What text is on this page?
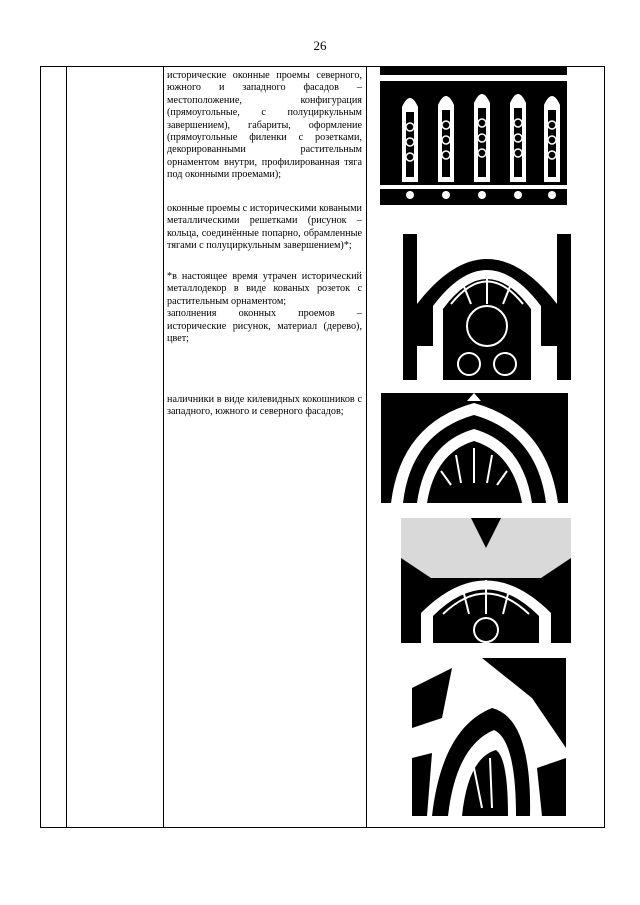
26

исторические оконные проемы северного, южного и западного фасадов – местоположение, конфигурация (прямоугольные, с полуциркульным завершением), габариты, оформление (прямоугольные филенки с розетками, декорированными растительным орнаментом внутри, профилированная тяга под оконными проемами);

оконные проемы с историческими коваными металлическими решетками (рисунок – кольца, соединённые попарно, обрамленные тягами с полуциркульным завершением)*;

*в настоящее время утрачен исторический металлодекор в виде кованых розеток с растительным орнаментом;

заполнения оконных проемов – исторические рисунок, материал (дерево), цвет;

наличники в виде килевидных кокошников с западного, южного и северного фасадов;
